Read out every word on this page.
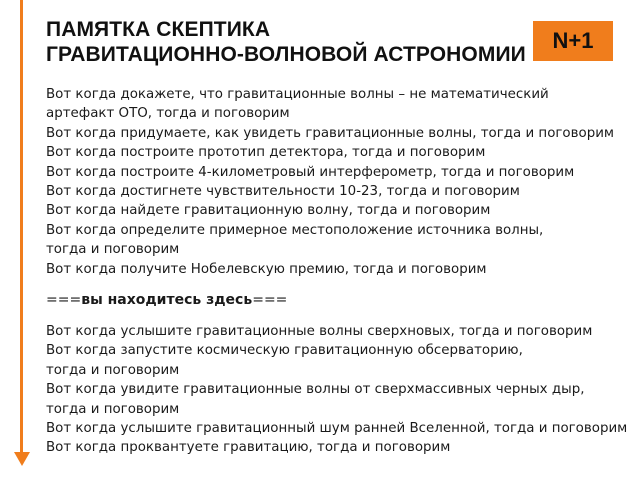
ПАМЯТКА СКЕПТИКА
ГРАВИТАЦИОННО-ВОЛНОВОЙ АСТРОНОМИИ
N+1
Вот когда докажете, что гравитационные волны – не математический
артефакт ОТО, тогда и поговорим
Вот когда придумаете, как увидеть гравитационные волны, тогда и поговорим
Вот когда построите прототип детектора, тогда и поговорим
Вот когда построите 4-километровый интерферометр, тогда и поговорим
Вот когда достигнете чувствительности 10-23, тогда и поговорим
Вот когда найдете гравитационную волну, тогда и поговорим
Вот когда определите примерное местоположение источника волны,
тогда и поговорим
Вот когда получите Нобелевскую премию, тогда и поговорим
===вы находитесь здесь===
Вот когда услышите гравитационные волны сверхновых, тогда и поговорим
Вот когда запустите космическую гравитационную обсерваторию,
тогда и поговорим
Вот когда увидите гравитационные волны от сверхмассивных черных дыр,
тогда и поговорим
Вот когда услышите гравитационный шум ранней Вселенной, тогда и поговорим
Вот когда проквантуете гравитацию, тогда и поговорим
